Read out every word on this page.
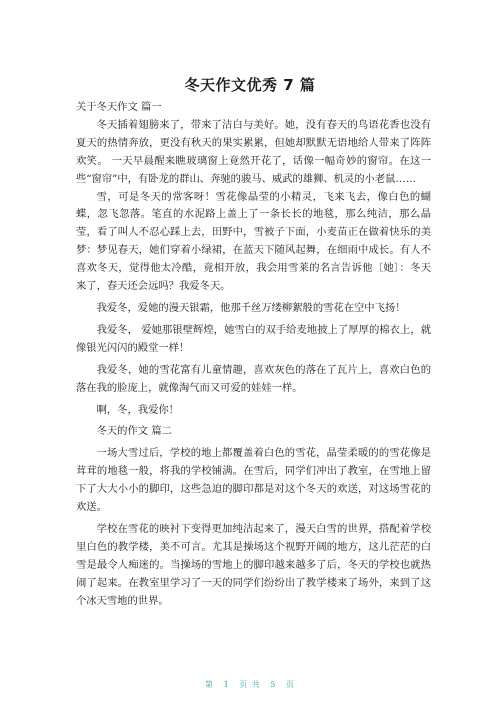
冬天作文优秀 7 篇

关于冬天作文 篇一

冬天插着翅膀来了，带来了洁白与美好。她，没有春天的鸟语花香也没有夏天的热情奔放，更没有秋天的果实累累，但她却默默无语地给人带来了阵阵欢笑。 一天早晨醒来瞧玻璃窗上竟然开花了，话像一幅奇妙的窗帘。在这一些“窗帘”中，有卧龙的群山、奔驰的骏马、威武的雄狮、机灵的小老鼠……

雪，可是冬天的常客呀！雪花像晶莹的小精灵，飞来飞去，像白色的蝴蝶，忽飞忽落。笔直的水泥路上盖上了一条长长的地毯，那么纯洁，那么晶莹，看了叫人不忍心踩上去，田野中，雪被子下面，小麦苗正在做着快乐的美梦：梦见春天，她们穿着小绿裙，在蓝天下随风起舞，在细雨中成长。有人不喜欢冬天，觉得他太冷酷，竟相开放，我会用雪莱的名言告诉他〔她〕：冬天来了，春天还会远吗？我爱冬天。

我爱冬，爱她的漫天银霜，他那千丝万缕柳絮般的雪花在空中飞扬！

我爱冬， 爱她那银壁辉煌，她雪白的双手给麦地披上了厚厚的棉衣上，就像银光闪闪的殿堂一样！

我爱冬，她的雪花富有儿童情趣，喜欢灰色的落在了瓦片上，喜欢白色的落在我的脸庞上，就像淘气而又可爱的娃娃一样。

啊，冬，我爱你！

冬天的作文 篇二

一场大雪过后，学校的地上都覆盖着白色的雪花，晶莹柔暖的的雪花像是茸茸的地毯一般，将我的学校铺满。在雪后，同学们冲出了教室，在雪地上留下了大大小小的脚印，这些急迫的脚印都是对这个冬天的欢送，对这场雪花的欢送。

学校在雪花的映衬下变得更加纯洁起来了，漫天白雪的世界，搭配着学校里白色的教学楼，美不可言。尤其是操场这个视野开阔的地方，这儿茫茫的白雪是最令人痴迷的。当操场的雪地上的脚印越来越多了后，冬天的学校也就热闹了起来。在教室里学习了一天的同学们纷纷出了教学楼来了场外，来到了这个冰天雪地的世界。

第 1 页 共 5 页
